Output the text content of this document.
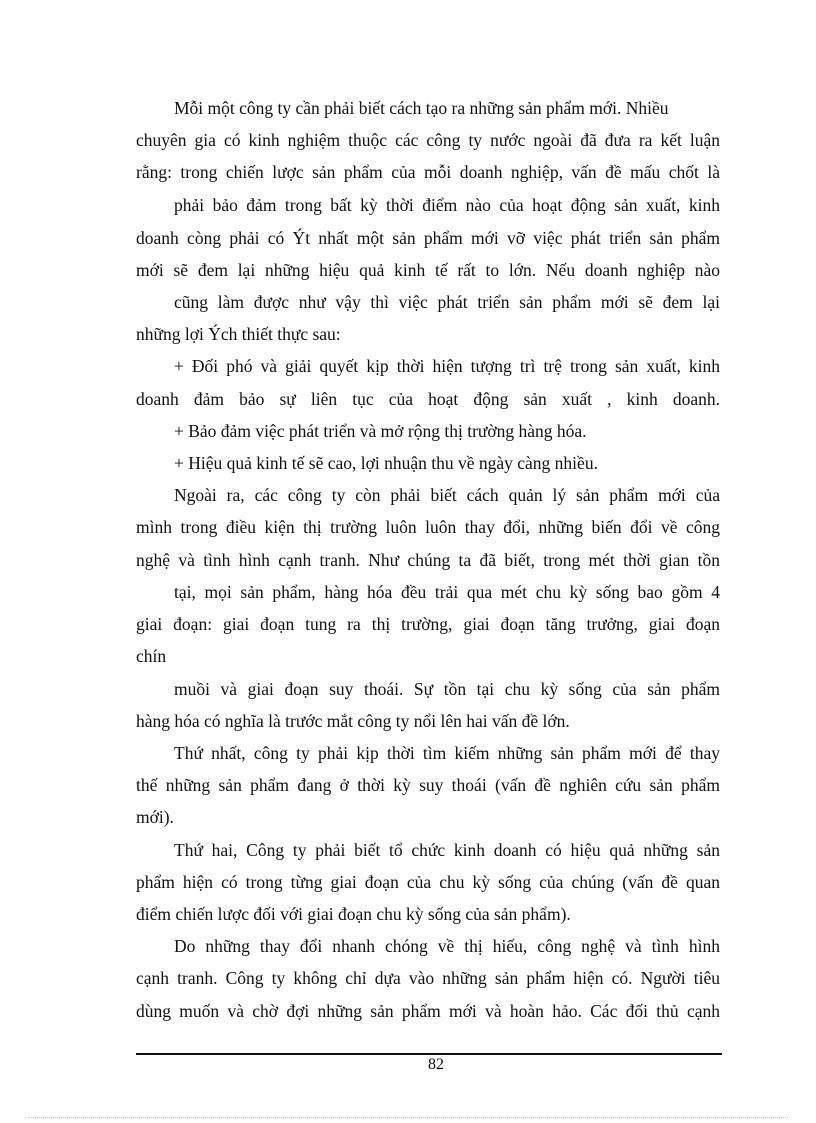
Mỗi một công ty cần phải biết cách tạo ra những sản phẩm mới. Nhiều
chuyên gia có kinh nghiệm thuộc các công ty nước ngoài đã đưa ra kết luận
rằng: trong chiến lược sản phẩm của mỗi doanh nghiệp, vấn đề mấu chốt là
phải bảo đảm trong bất kỳ thời điểm nào của hoạt động sản xuất, kinh
doanh còng phải có Ýt nhất một sản phẩm mới vỡ việc phát triển sản phẩm
mới sẽ đem lại những hiệu quả kinh tế rất to lớn. Nếu doanh nghiệp nào
cũng làm được như vậy thì việc phát triển sản phẩm mới sẽ đem lại
những lợi Ých thiết thực sau:
+ Đối phó và giải quyết kịp thời hiện tượng trì trệ trong sản xuất, kinh
doanh đảm bảo sự liên tục của hoạt động sản xuất , kinh doanh.
+ Bảo đảm việc phát triển và mở rộng thị trường hàng hóa.
+ Hiệu quả kinh tế sẽ cao, lợi nhuận thu về ngày càng nhiều.
Ngoài ra, các công ty còn phải biết cách quản lý sản phẩm mới của
mình trong điều kiện thị trường luôn luôn thay đổi, những biến đổi về công
nghệ và tình hình cạnh tranh. Như chúng ta đã biết, trong mét thời gian tồn
tại, mọi sản phẩm, hàng hóa đều trải qua mét chu kỳ sống bao gồm 4
giai đoạn: giai đoạn tung ra thị trường, giai đoạn tăng trưởng, giai đoạn
chín
muồi và giai đoạn suy thoái. Sự tồn tại chu kỳ sống của sản phẩm
hàng hóa có nghĩa là trước mắt công ty nổi lên hai vấn đề lớn.
Thứ nhất, công ty phải kịp thời tìm kiếm những sản phẩm mới để thay
thế những sản phẩm đang ở thời kỳ suy thoái (vấn đề nghiên cứu sản phẩm
mới).
Thứ hai, Công ty phải biết tổ chức kinh doanh có hiệu quả những sản
phẩm hiện có trong từng giai đoạn của chu kỳ sống của chúng (vấn đề quan
điểm chiến lược đối với giai đoạn chu kỳ sống của sản phẩm).
Do những thay đổi nhanh chóng về thị hiếu, công nghệ và tình hình
cạnh tranh. Công ty không chỉ dựa vào những sản phẩm hiện có. Người tiêu
dùng muốn và chờ đợi những sản phẩm mới và hoàn hảo. Các đối thủ cạnh
82
